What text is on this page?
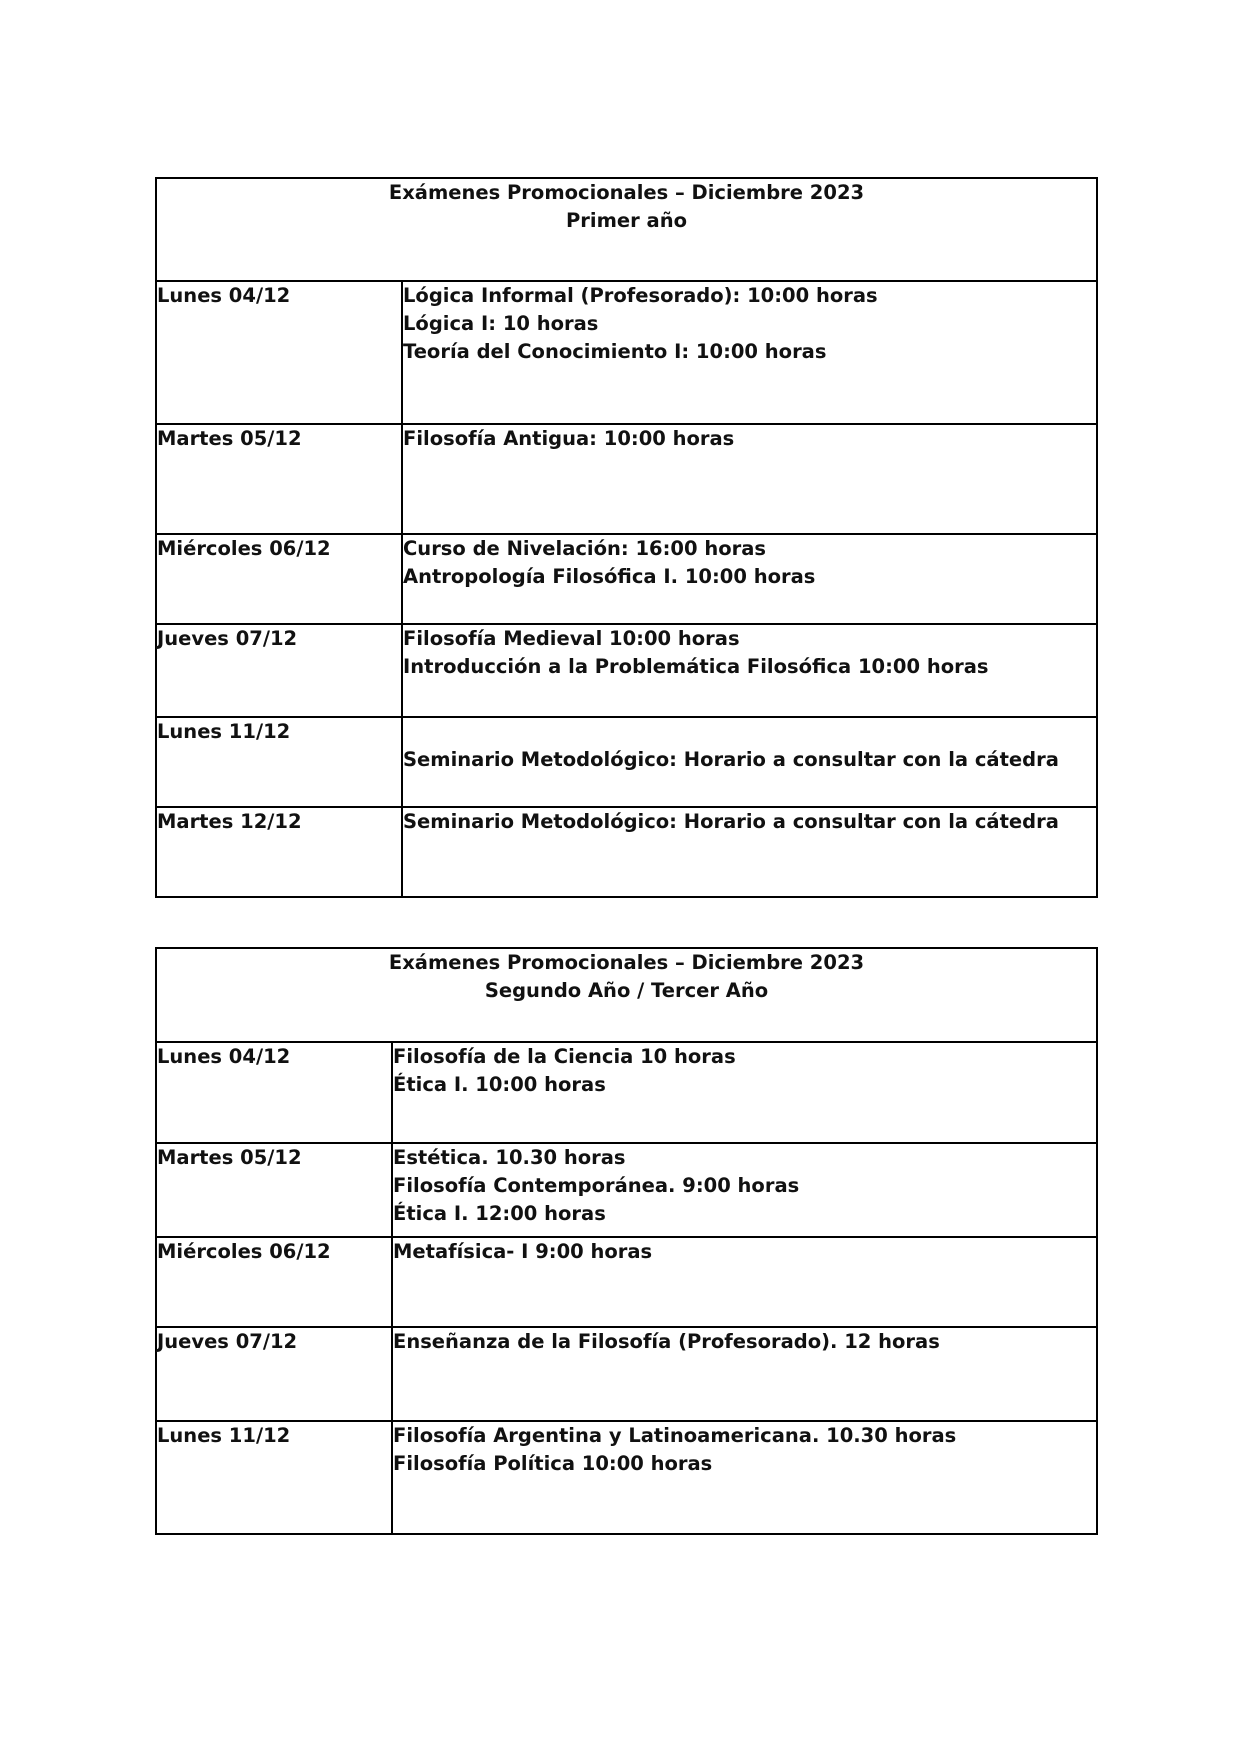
Exámenes Promocionales – Diciembre 2023
Primer año	

Lunes 04/12	Lógica Informal (Profesorado): 10:00 horas
Lógica I: 10 horas
Teoría del Conocimiento I: 10:00 horas

Martes 05/12	Filosofía Antigua: 10:00 horas

Miércoles 06/12	Curso de Nivelación: 16:00 horas
Antropología Filosófica I. 10:00 horas

Jueves 07/12	Filosofía Medieval 10:00 horas
Introducción a la Problemática Filosófica 10:00 horas

Lunes 11/12	Seminario Metodológico: Horario a consultar con la cátedra

Martes 12/12	Seminario Metodológico: Horario a consultar con la cátedra
Exámenes Promocionales – Diciembre 2023
Segundo Año / Tercer Año	

Lunes 04/12	Filosofía de la Ciencia 10 horas
Ética I. 10:00 horas

Martes 05/12	Estética. 10.30 horas
Filosofía Contemporánea. 9:00 horas
Ética I. 12:00 horas

Miércoles 06/12	Metafísica- I 9:00 horas

Jueves 07/12	Enseñanza de la Filosofía (Profesorado). 12 horas

Lunes 11/12	Filosofía Argentina y Latinoamericana. 10.30 horas
Filosofía Política 10:00 horas
